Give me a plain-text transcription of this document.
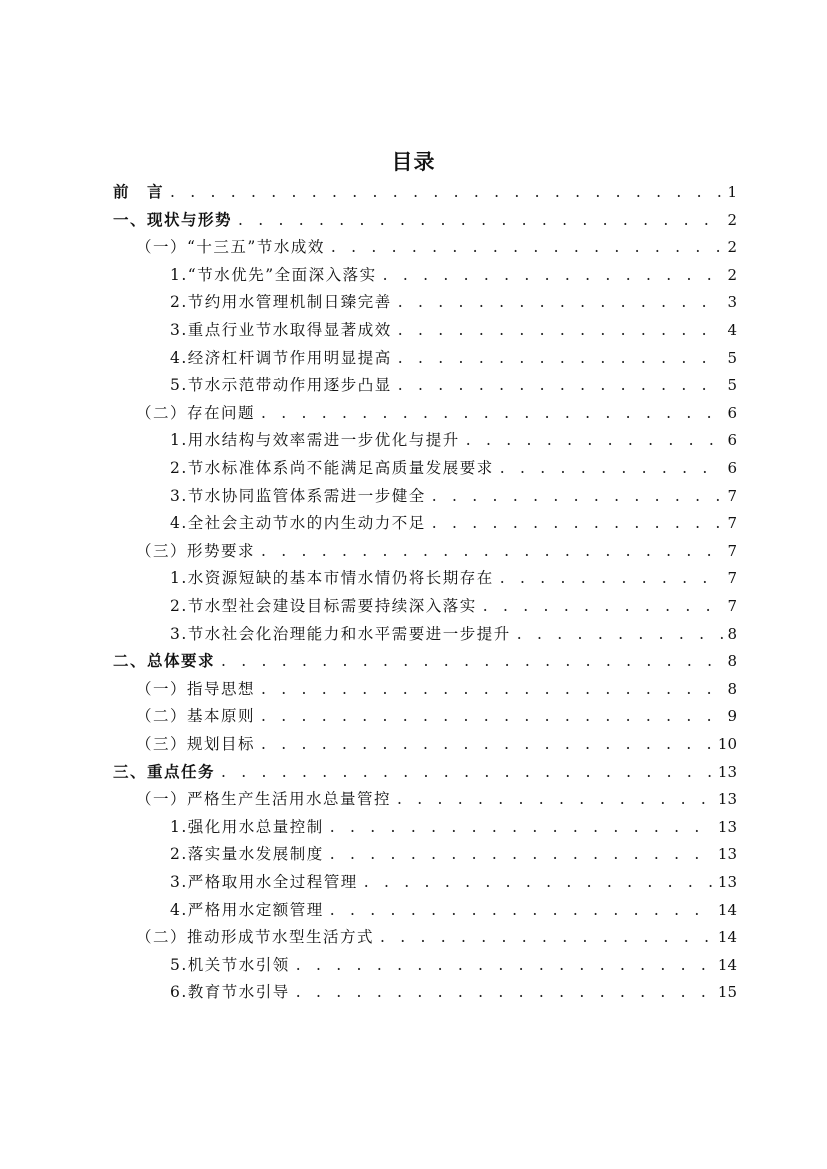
目录
前　言 . . .	1
一、现状与形势 . . .	2
（一）“十三五”节水成效 . . .	2
1.“节水优先”全面深入落实 . . .	2
2.节约用水管理机制日臻完善 . . .	3
3.重点行业节水取得显著成效 . . .	4
4.经济杠杆调节作用明显提高 . . .	5
5.节水示范带动作用逐步凸显 . . .	5
（二）存在问题 . . .	6
1.用水结构与效率需进一步优化与提升 . . .	6
2.节水标准体系尚不能满足高质量发展要求 . . .	6
3.节水协同监管体系需进一步健全 . . .	7
4.全社会主动节水的内生动力不足 . . .	7
（三）形势要求 . . .	7
1.水资源短缺的基本市情水情仍将长期存在 . . .	7
2.节水型社会建设目标需要持续深入落实 . . .	7
3.节水社会化治理能力和水平需要进一步提升 . . .	8
二、总体要求 . . .	8
（一）指导思想 . . .	8
（二）基本原则 . . .	9
（三）规划目标 . . .	10
三、重点任务 . . .	13
（一）严格生产生活用水总量管控 . . .	13
1.强化用水总量控制 . . .	13
2.落实量水发展制度 . . .	13
3.严格取用水全过程管理 . . .	13
4.严格用水定额管理 . . .	14
（二）推动形成节水型生活方式 . . .	14
5.机关节水引领 . . .	14
6.教育节水引导 . . .	15
